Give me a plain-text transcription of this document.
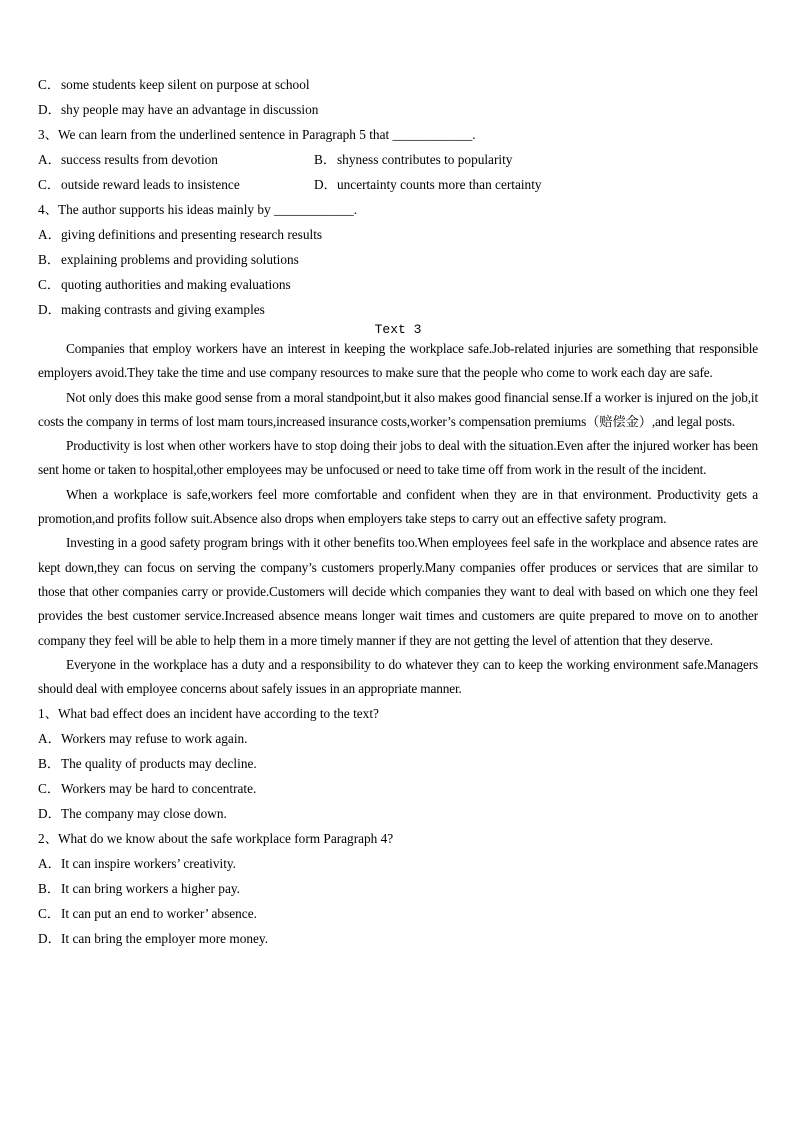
C．some students keep silent on purpose at school
D．shy people may have an advantage in discussion
3、We can learn from the underlined sentence in Paragraph 5 that ____________.
A．success results from devotion	B．shyness contributes to popularity
C．outside reward leads to insistence	D．uncertainty counts more than certainty
4、The author supports his ideas mainly by ____________.
A．giving definitions and presenting research results
B．explaining problems and providing solutions
C．quoting authorities and making evaluations
D．making contrasts and giving examples
Text 3

Companies that employ workers have an interest in keeping the workplace safe.Job-related injuries are something that responsible employers avoid.They take the time and use company resources to make sure that the people who come to work each day are safe.

Not only does this make good sense from a moral standpoint,but it also makes good financial sense.If a worker is injured on the job,it costs the company in terms of lost mam tours,increased insurance costs,worker’s compensation premiums（赔偿金）,and legal posts.

Productivity is lost when other workers have to stop doing their jobs to deal with the situation.Even after the injured worker has been sent home or taken to hospital,other employees may be unfocused or need to take time off from work in the result of the incident.

When a workplace is safe,workers feel more comfortable and confident when they are in that environment. Productivity gets a promotion,and profits follow suit.Absence also drops when employers take steps to carry out an effective safety program.

Investing in a good safety program brings with it other benefits too.When employees feel safe in the workplace and absence rates are kept down,they can focus on serving the company’s customers properly.Many companies offer produces or services that are similar to those that other companies carry or provide.Customers will decide which companies they want to deal with based on which one they feel provides the best customer service.Increased absence means longer wait times and customers are quite prepared to move on to another company they feel will be able to help them in a more timely manner if they are not getting the level of attention that they deserve.

Everyone in the workplace has a duty and a responsibility to do whatever they can to keep the working environment safe.Managers should deal with employee concerns about safely issues in an appropriate manner.

1、What bad effect does an incident have according to the text?
A．Workers may refuse to work again.
B．The quality of products may decline.
C．Workers may be hard to concentrate.
D．The company may close down.
2、What do we know about the safe workplace form Paragraph 4?
A．It can inspire workers’ creativity.
B．It can bring workers a higher pay.
C．It can put an end to worker’ absence.
D．It can bring the employer more money.
